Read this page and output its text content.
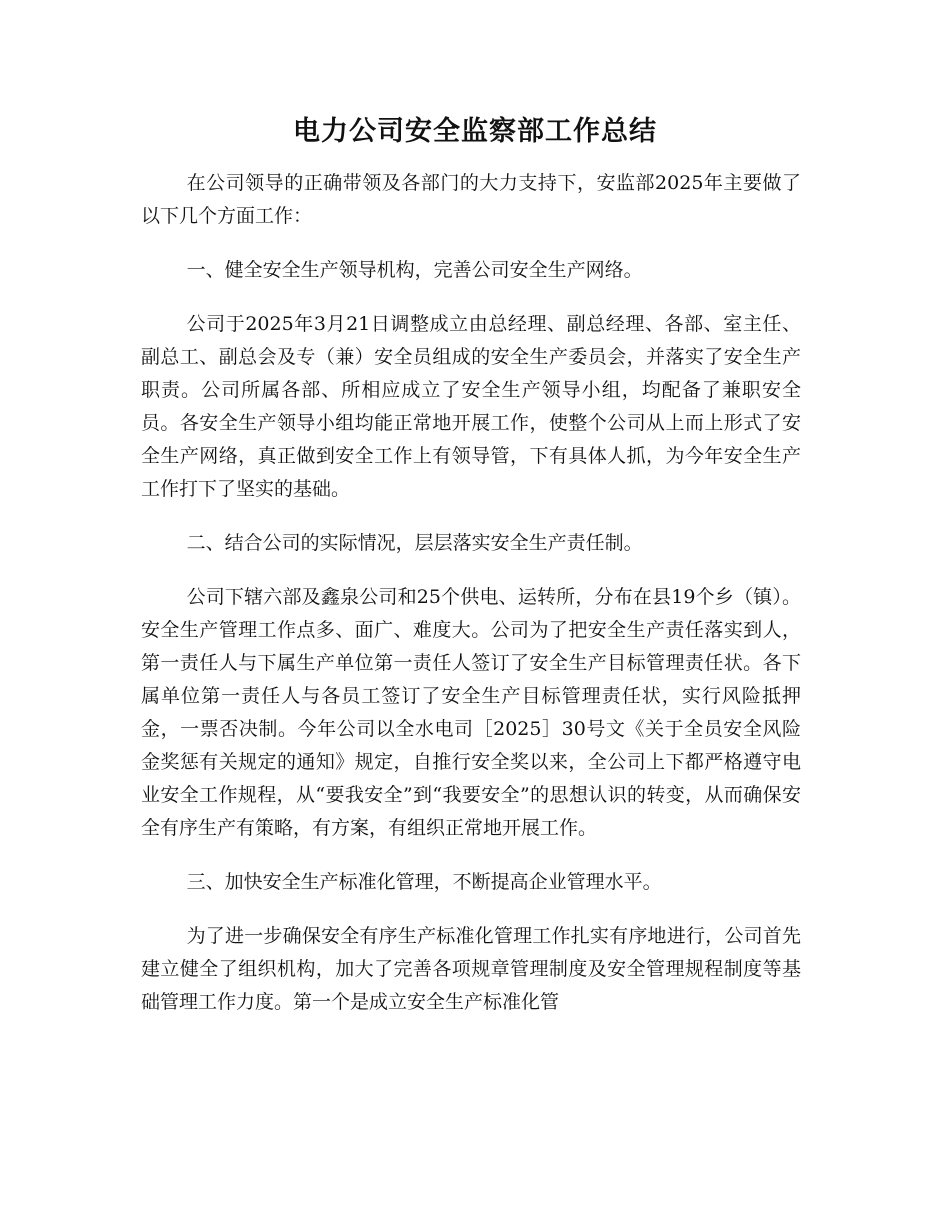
电力公司安全监察部工作总结

在公司领导的正确带领及各部门的大力支持下，安监部2025年主要做了以下几个方面工作：

一、健全安全生产领导机构，完善公司安全生产网络。

公司于2025年3月21日调整成立由总经理、副总经理、各部、室主任、副总工、副总会及专（兼）安全员组成的安全生产委员会，并落实了安全生产职责。公司所属各部、所相应成立了安全生产领导小组，均配备了兼职安全员。各安全生产领导小组均能正常地开展工作，使整个公司从上而上形式了安全生产网络，真正做到安全工作上有领导管，下有具体人抓，为今年安全生产工作打下了坚实的基础。

二、结合公司的实际情况，层层落实安全生产责任制。

公司下辖六部及鑫泉公司和25个供电、运转所，分布在县19个乡（镇）。安全生产管理工作点多、面广、难度大。公司为了把安全生产责任落实到人，第一责任人与下属生产单位第一责任人签订了安全生产目标管理责任状。各下属单位第一责任人与各员工签订了安全生产目标管理责任状，实行风险抵押金，一票否决制。今年公司以全水电司［2025］30号文《关于全员安全风险金奖惩有关规定的通知》规定，自推行安全奖以来，全公司上下都严格遵守电业安全工作规程，从“要我安全”到“我要安全”的思想认识的转变，从而确保安全有序生产有策略，有方案，有组织正常地开展工作。

三、加快安全生产标准化管理，不断提高企业管理水平。

为了进一步确保安全有序生产标准化管理工作扎实有序地进行，公司首先建立健全了组织机构，加大了完善各项规章管理制度及安全管理规程制度等基础管理工作力度。第一个是成立安全生产标准化管
